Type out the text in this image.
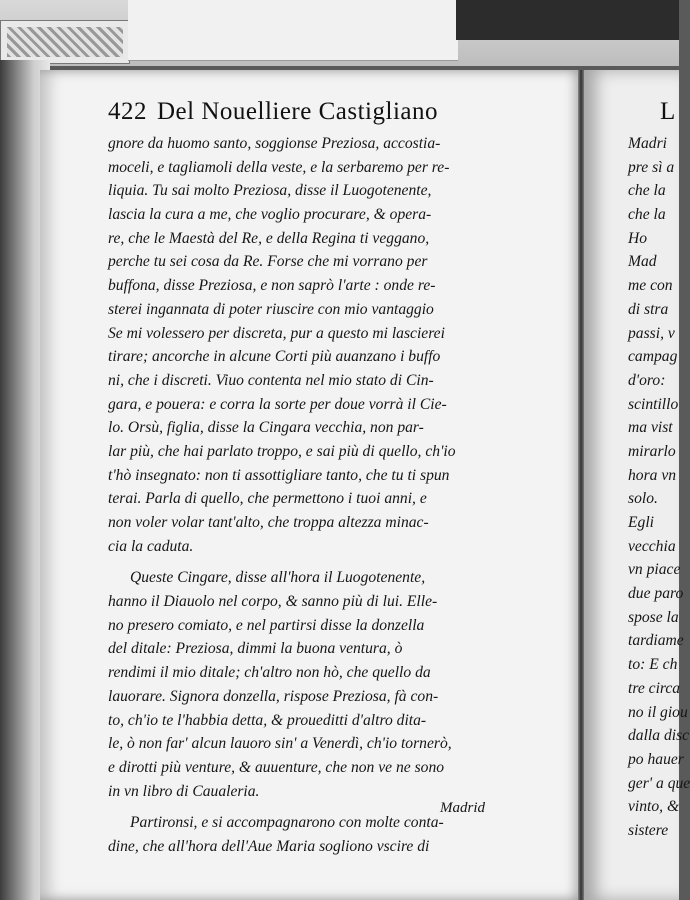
422 Del Nouelliere Castigliano
gnore da huomo santo, soggionse Preziosa, accostia-
moceli, e tagliamoli della veste, e la serbaremo per re-
liquia. Tu sai molto Preziosa, disse il Luogotenente,
lascia la cura a me, che voglio procurare, & opera-
re, che le Maestà del Re, e della Regina ti veggano,
perche tu sei cosa da Re. Forse che mi vorrano per
buffona, disse Preziosa, e non saprò l'arte : onde re-
sterei ingannata di poter riuscire con mio vantaggio
Se mi volessero per discreta, pur a questo mi lascierei
tirare; ancorche in alcune Corti più auanzano i buffo
ni, che i discreti. Viuo contenta nel mio stato di Cin-
gara, e pouera: e corra la sorte per doue vorrà il Cie-
lo. Orsù, figlia, disse la Cingara vecchia, non par-
lar più, che hai parlato troppo, e sai più di quello, ch'io
t'hò insegnato: non ti assottigliare tanto, che tu ti spun
terai. Parla di quello, che permettono i tuoi anni, e
non voler volar tant'alto, che troppa altezza minac-
cia la caduta.
Queste Cingare, disse all'hora il Luogotenente,
hanno il Diauolo nel corpo, & sanno più di lui. Elle-
no presero comiato, e nel partirsi disse la donzella
del ditale: Preziosa, dimmi la buona ventura, ò
rendimi il mio ditale; ch'altro non hò, che quello da
lauorare. Signora donzella, rispose Preziosa, fà con-
to, ch'io te l'habbia detta, & proueditti d'altro dita-
le, ò non far' alcun lauoro sin' a Venerdì, ch'io tornerò,
e dirotti più venture, & auuenture, che non ve ne sono
in vn libro di Caualeria.
Partironsi, e si accompagnarono con molte conta-
dine, che all'hora dell'Aue Maria sogliono vscire di
Madrid
L
Madri
pre sì a
che la
che la
Ho
Mad
me con
di stra
passi, v
campag
d'oro:
scintillo
ma vist
mirarlo
hora vn
solo.
Egli
vecchia
vn piace
due paro
spose la
tardiame
to: E ch
tre circa
no il giou
dalla disc
po hauer
ger' a que
vinto, &
sistere
